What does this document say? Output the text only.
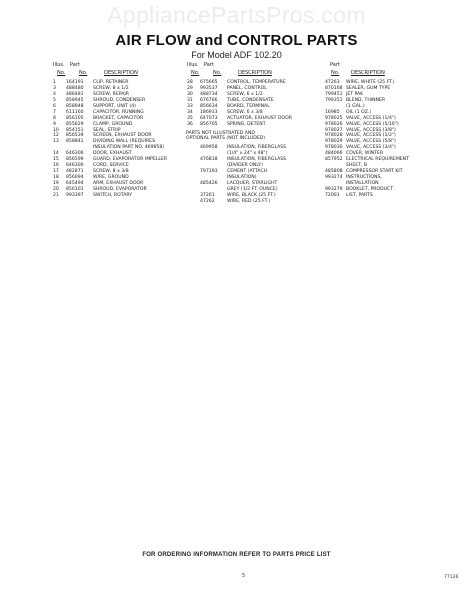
AppliancePartsPros.com
AIR FLOW and CONTROL PARTS
For Model ADF 102.20
Illus. Part
No.	No.	DESCRIPTION
1 164191 CLIP, RETAINER
3 488480 SCREW, 8 x 1/2
4 486481 SCREW, REPAIR
5 858945 SHROUD, CONDENSER
6 858948 SUPPORT, UNIT (4)
7 611160 CAPACITOR, RUNNING
8 856105 BRACKET, CAPACITOR
9 855629 CLAMP, GROUND
10 854151 SEAL, STRIP
12 856539 SCREEN, EXHAUST DOOR
13 858841 DIVIDING WALL (REQUIRES
INSULATION PART NO. 469958)
14 646306 DOOR, EXHAUST
15 856599 GUARD, EVAPORATOR IMPELLER
16 646300 CORD, SERVICE
17 482871 SCREW, 8 x 3/8
18 856094 WIRE, GROUND
19 645494 ARM, EXHAUST DOOR
20 856101 SHROUD, EVAPORATOR
21 993397 SWITCH, ROTARY
Illus. Part
No.	No.	DESCRIPTION
28 675665 CONTROL, TEMPERATURE
29 993537 PANEL, CONTROL
30 488734 SCREW, 6 x 1/2
31 676766 TUBE, CONDENSATE
33 856634 BOARD, TERMINAL
34 186913 SCREW, 6 x 3/8
35 647073 ACTUATOR, EXHAUST DOOR
36 856765 SPRING, DETENT
PARTS NOT ILLUSTRATED AND
OPTIONAL PARTS (NOT INCLUDED)
469958 INSULATION, FIBERGLASS
(1/4" x 24" x 48")
476818 INSULATION, FIBERGLASS
(DIVIDER ONLY)
797193 CEMENT (ATTACH
INSULATION)
485426 LACQUER, STARLIGHT
GREY (1/2 FT. OUNCE)
37261	WIRE, BLACK (25 FT.)
47262	WIRE, RED (25 FT.)
Part
No. DESCRIPTION
47263 WIRE, WHITE (25 FT.)
870168 SEALER, GUM TYPE
799451 JET PAK
799351 BLEND, THINNER
(1 GAL.)
16985 OIL (1 OZ.)
978025 VALVE, ACCESS (1/4")
978026 VALVE, ACCESS (5/16")
978027 VALVE, ACCESS (3/8")
978028 VALVE, ACCESS (1/2")
978029 VALVE, ACCESS (5/8")
978030 VALVE, ACCESS (3/4")
484066 COVER, WINTER
857952 ELECTRICAL REQUIREMENT
SHEET, B
485808 COMPRESSOR START KIT
993274 INSTRUCTIONS,
INSTALLATION
993279 BOOKLET, PRODUCT
72001 LIST, PARTS
FOR ORDERING INFORMATION REFER TO PARTS PRICE LIST
5	77126
